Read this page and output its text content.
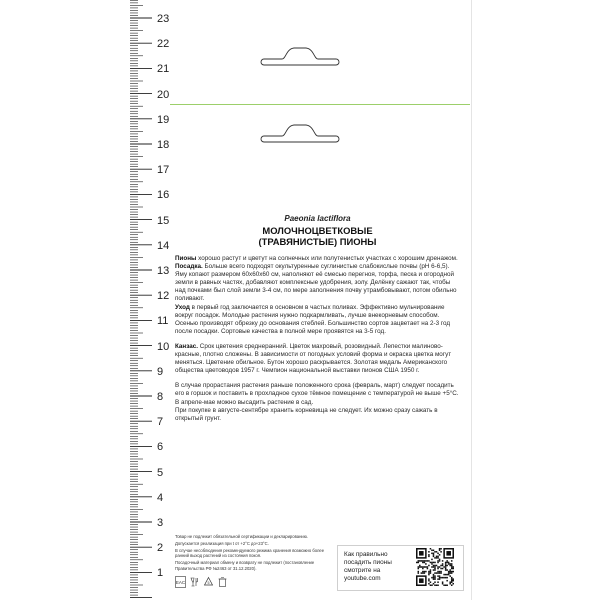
23
22
21
20
19
18
17
16
15
14
13
12
11
10
9
8
7
6
5
4
3
2
1
Paeonia lactiflora
МОЛОЧНОЦВЕТКОВЫЕ
(ТРАВЯНИСТЫЕ) ПИОНЫ

Пионы хорошо растут и цветут на солнечных или полутенистых участках с хорошим дренажом.

Посадка. Больше всего подходят окультуренные суглинистые слабокислые почвы (рН 6-6,5). Яму копают размером 60х60х60 см, наполняют её смесью перегноя, торфа, песка и огородной земли в равных частях, добавляют комплексные удобрения, золу. Делёнку сажают так, чтобы над почками был слой земли 3-4 см, по мере заполнения почву утрамбовывают, потом обильно поливают.

Уход в первый год заключается в основном в частых поливах. Эффективно мульчирование вокруг посадок. Молодые растения нужно подкармливать, лучше внекорневым способом. Осенью производят обрезку до основания стеблей. Большинство сортов зацветает на 2-3 год после посадки. Сортовые качества в полной мере проявятся на 3-5 год.

Канзас. Срок цветения среднеранний. Цветок махровый, розовидный. Лепестки малиново-красные, плотно сложены. В зависимости от погодных условий форма и окраска цветка могут меняться. Цветение обильное. Бутон хорошо раскрывается. Золотая медаль Американского общества цветоводов 1957 г. Чемпион национальной выставки пионов США 1950 г.

В случае прорастания растения раньше положенного срока (февраль, март) следует посадить его в горшок и поставить в прохладное сухое тёмное помещение с температурой не выше +5°С. В апреле-мае можно высадить растение в сад.

При покупке в августе-сентябре хранить корневища не следует. Их можно сразу сажать в открытый грунт.

Товар не подлежит обязательной сертификации и декларированию.

Допускается реализация при t от +2°С до+23°С.

В случае несоблюдения рекомендуемого режима хранения возможно более ранний выход растений из состояния покоя.

Посадочный материал обмену и возврату не подлежит (постановление Правительства РФ №2463 от 31.12.2020).

EAC	5
Как правильно
посадить пионы
смотрите на
youtube.com
